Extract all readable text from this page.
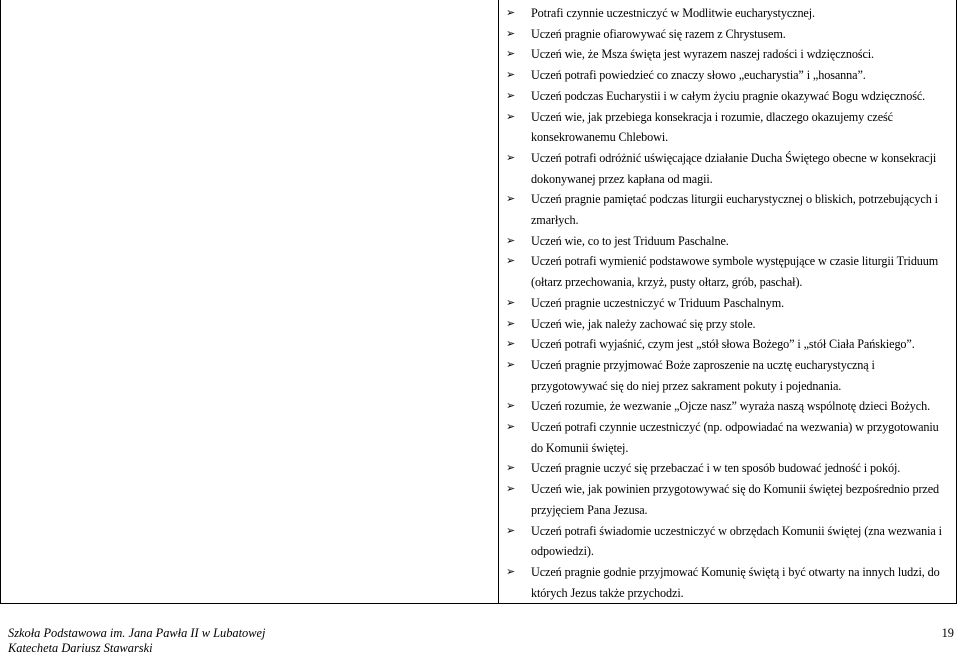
➢ Potrafi czynnie uczestniczyć w Modlitwie eucharystycznej.
➢ Uczeń pragnie ofiarowywać się razem z Chrystusem.
➢ Uczeń wie, że Msza święta jest wyrazem naszej radości i wdzięczności.
➢ Uczeń potrafi powiedzieć co znaczy słowo „eucharystia” i „hosanna”.
➢ Uczeń podczas Eucharystii i w całym życiu pragnie okazywać Bogu wdzięczność.
➢ Uczeń wie, jak przebiega konsekracja i rozumie, dlaczego okazujemy cześć konsekrowanemu Chlebowi.
➢ Uczeń potrafi odróżnić uświęcające działanie Ducha Świętego obecne w konsekracji dokonywanej przez kapłana od magii.
➢ Uczeń pragnie pamiętać podczas liturgii eucharystycznej o bliskich, potrzebujących i zmarłych.
➢ Uczeń wie, co to jest Triduum Paschalne.
➢ Uczeń potrafi wymienić podstawowe symbole występujące w czasie liturgii Triduum (ołtarz przechowania, krzyż, pusty ołtarz, grób, paschał).
➢ Uczeń pragnie uczestniczyć w Triduum Paschalnym.
➢ Uczeń wie, jak należy zachować się przy stole.
➢ Uczeń potrafi wyjaśnić, czym jest „stół słowa Bożego” i „stół Ciała Pańskiego”.
➢ Uczeń pragnie przyjmować Boże zaproszenie na ucztę eucharystyczną i przygotowywać się do niej przez sakrament pokuty i pojednania.
➢ Uczeń rozumie, że wezwanie „Ojcze nasz” wyraża naszą wspólnotę dzieci Bożych.
➢ Uczeń potrafi czynnie uczestniczyć (np. odpowiadać na wezwania) w przygotowaniu do Komunii świętej.
➢ Uczeń pragnie uczyć się przebaczać i w ten sposób budować jedność i pokój.
➢ Uczeń wie, jak powinien przygotowywać się do Komunii świętej bezpośrednio przed przyjęciem Pana Jezusa.
➢ Uczeń potrafi świadomie uczestniczyć w obrzędach Komunii świętej (zna wezwania i odpowiedzi).
➢ Uczeń pragnie godnie przyjmować Komunię świętą i być otwarty na innych ludzi, do których Jezus także przychodzi.
Szkoła Podstawowa im. Jana Pawła II w Lubatowej
Katecheta Dariusz Stawarski
19
